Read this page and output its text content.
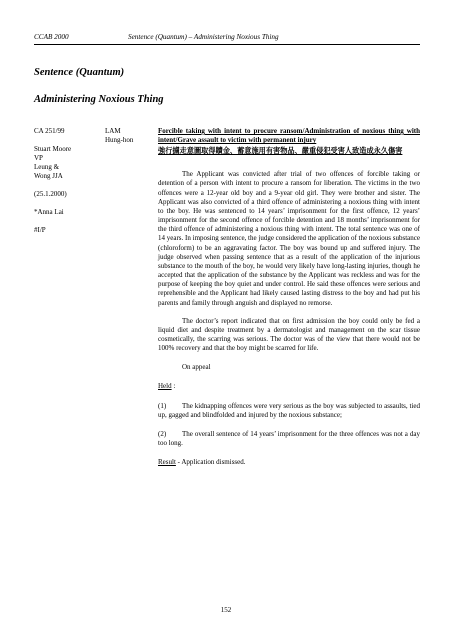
CCAB 2000	Sentence (Quantum) – Administering Noxious Thing
Sentence (Quantum)
Administering Noxious Thing
CA 251/99
Stuart Moore
VP
Leung &
Wong JJA
(25.1.2000)
*Anna Lai
#I/P
LAM
Hung-hon
Forcible taking with intent to procure ransom/Administration of noxious thing with intent/Grave assault to victim with permanent injury
強行擄走意圖取得贖金、蓄意施用有害物品、嚴重侵犯受害人致造成永久傷害
The Applicant was convicted after trial of two offences of forcible taking or detention of a person with intent to procure a ransom for liberation. The victims in the two offences were a 12-year old boy and a 9-year old girl. They were brother and sister. The Applicant was also convicted of a third offence of administering a noxious thing with intent to the boy. He was sentenced to 14 years’ imprisonment for the first offence, 12 years’ imprisonment for the second offence of forcible detention and 18 months’ imprisonment for the third offence of administering a noxious thing with intent. The total sentence was one of 14 years. In imposing sentence, the judge considered the application of the noxious substance (chloroform) to be an aggravating factor. The boy was bound up and suffered injury. The judge observed when passing sentence that as a result of the application of the injurious substance to the mouth of the boy, he would very likely have long-lasting injuries, though he accepted that the application of the substance by the Applicant was reckless and was for the purpose of keeping the boy quiet and under control. He said these offences were serious and reprehensible and the Applicant had likely caused lasting distress to the boy and had put his parents and family through anguish and displayed no remorse.
The doctor’s report indicated that on first admission the boy could only be fed a liquid diet and despite treatment by a dermatologist and management on the scar tissue cosmetically, the scarring was serious. The doctor was of the view that there would not be 100% recovery and that the boy might be scarred for life.
On appeal
Held :
(1) The kidnapping offences were very serious as the boy was subjected to assaults, tied up, gagged and blindfolded and injured by the noxious substance;
(2) The overall sentence of 14 years’ imprisonment for the three offences was not a day too long.
Result - Application dismissed.
152
